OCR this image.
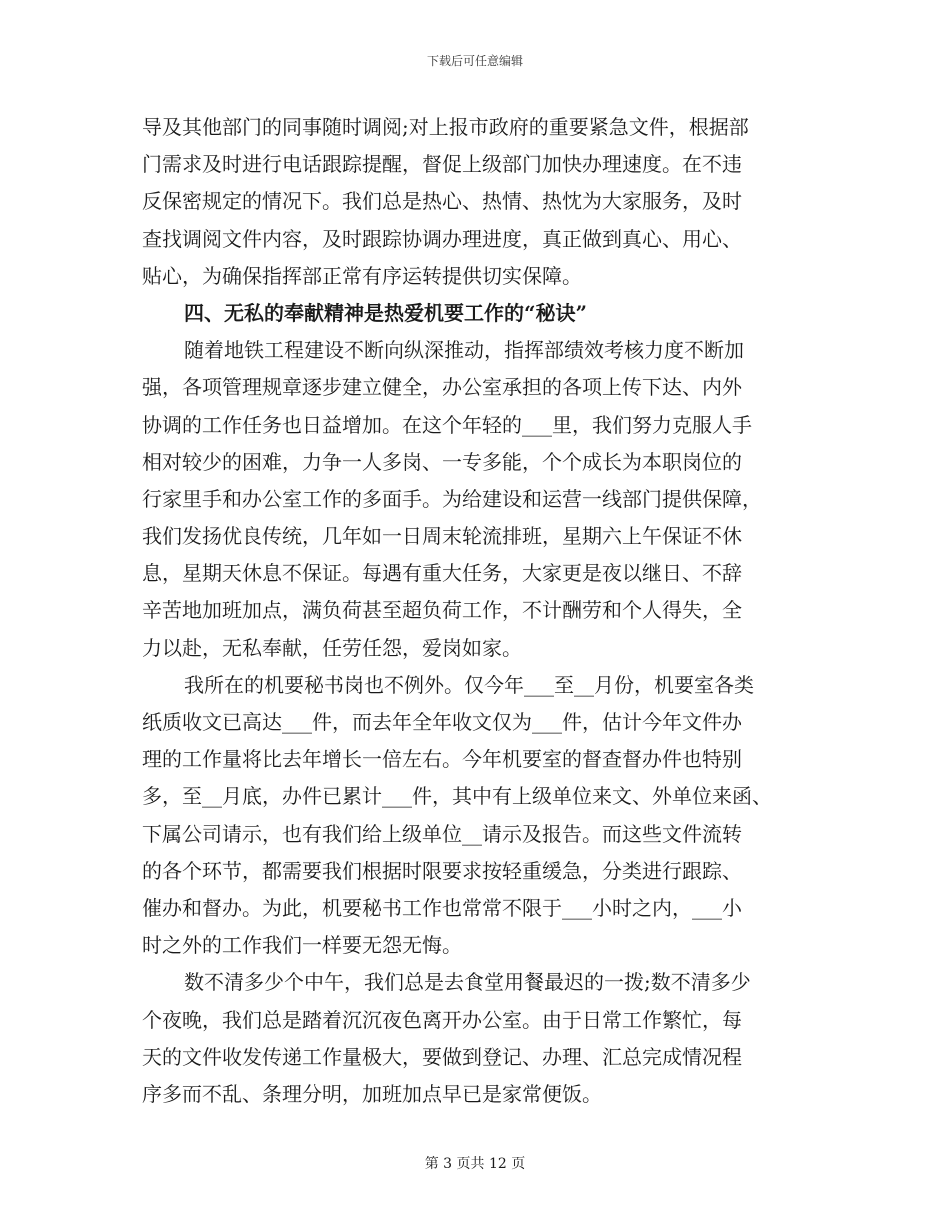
下载后可任意编辑
导及其他部门的同事随时调阅;对上报市政府的重要紧急文件，根据部
门需求及时进行电话跟踪提醒，督促上级部门加快办理速度。在不违
反保密规定的情况下。我们总是热心、热情、热忱为大家服务，及时
查找调阅文件内容，及时跟踪协调办理进度，真正做到真心、用心、
贴心，为确保指挥部正常有序运转提供切实保障。
四、无私的奉献精神是热爱机要工作的“秘诀”
随着地铁工程建设不断向纵深推动，指挥部绩效考核力度不断加
强，各项管理规章逐步建立健全，办公室承担的各项上传下达、内外
协调的工作任务也日益增加。在这个年轻的___里，我们努力克服人手
相对较少的困难，力争一人多岗、一专多能，个个成长为本职岗位的
行家里手和办公室工作的多面手。为给建设和运营一线部门提供保障，
我们发扬优良传统，几年如一日周末轮流排班，星期六上午保证不休
息，星期天休息不保证。每遇有重大任务，大家更是夜以继日、不辞
辛苦地加班加点，满负荷甚至超负荷工作，不计酬劳和个人得失，全
力以赴，无私奉献，任劳任怨，爱岗如家。
我所在的机要秘书岗也不例外。仅今年___至__月份，机要室各类
纸质收文已高达___件，而去年全年收文仅为___件，估计今年文件办
理的工作量将比去年增长一倍左右。今年机要室的督查督办件也特别
多，至__月底，办件已累计___件，其中有上级单位来文、外单位来函、
下属公司请示，也有我们给上级单位__请示及报告。而这些文件流转
的各个环节，都需要我们根据时限要求按轻重缓急，分类进行跟踪、
催办和督办。为此，机要秘书工作也常常不限于___小时之内，___小
时之外的工作我们一样要无怨无悔。
数不清多少个中午，我们总是去食堂用餐最迟的一拨;数不清多少
个夜晚，我们总是踏着沉沉夜色离开办公室。由于日常工作繁忙，每
天的文件收发传递工作量极大，要做到登记、办理、汇总完成情况程
序多而不乱、条理分明，加班加点早已是家常便饭。
第 3 页共 12 页
